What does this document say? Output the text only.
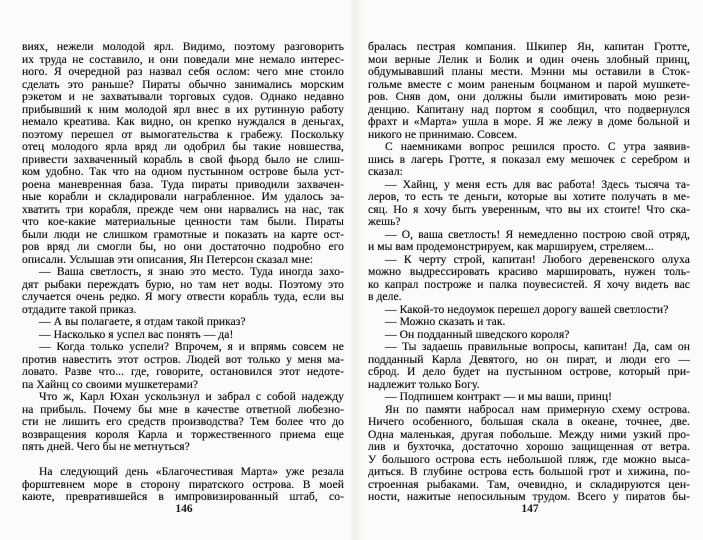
виях, нежели молодой ярл. Видимо, поэтому разговорить
их труда не составило, и они поведали мне немало интерес-
ного. Я очередной раз назвал себя ослом: чего мне стоило
сделать это раньше? Пираты обычно занимались морским
рэкетом и не захватывали торговых судов. Однако недавно
прибывший к ним молодой ярл внес в их рутинную работу
немало креатива. Как видно, он крепко нуждался в деньгах,
поэтому перешел от вымогательства к грабежу. Поскольку
отец молодого ярла вряд ли одобрил бы такие новшества,
привести захваченный корабль в свой фьорд было не слиш-
ком удобно. Так что на одном пустынном острове была уст-
роена маневренная база. Туда пираты приводили захвачен-
ные корабли и складировали награбленное. Им удалось за-
хватить три корабля, прежде чем они нарвались на нас, так
что кое-какие материальные ценности там были. Пираты
были люди не слишком грамотные и показать на карте ост-
ров вряд ли смогли бы, но они достаточно подробно его
описали. Услышав эти описания, Ян Петерсон сказал мне:
— Ваша светлость, я знаю это место. Туда иногда захо-
дят рыбаки переждать бурю, но там нет воды. Поэтому это
случается очень редко. Я могу отвести корабль туда, если вы
отдадите такой приказ.
— А вы полагаете, я отдам такой приказ?
— Насколько я успел вас понять — да!
— Когда только успели? Впрочем, я и впрямь совсем не
против навестить этот остров. Людей вот только у меня ма-
ловато. Разве что... где, говорите, остановился этот недоте-
па Хайнц со своими мушкетерами?
Что ж, Карл Юхан ускользнул и забрал с собой надежду
на прибыль. Почему бы мне в качестве ответной любезно-
сти не лишить его средств производства? Тем более что до
возвращения короля Карла и торжественного приема еще
пять дней. Чего бы не метнуться?
На следующий день «Благочестивая Марта» уже резала
форштевнем море в сторону пиратского острова. В моей
каюте, превратившейся в импровизированный штаб, со-
бралась пестрая компания. Шкипер Ян, капитан Гротте,
мои верные Лелик и Болик и один очень злобный принц,
обдумывавший планы мести. Мэнни мы оставили в Сток-
гольме вместе с моим раненым боцманом и парой мушкете-
ров. Сняв дом, они должны были имитировать мою рези-
денцию. Капитану над портом я сообщил, что подвернулся
фрахт и «Марта» ушла в море. Я же лежу в доме больной и
никого не принимаю. Совсем.
С наемниками вопрос решился просто. С утра заявив-
шись в лагерь Гротте, я показал ему мешочек с серебром и
сказал:
— Хайнц, у меня есть для вас работа! Здесь тысяча та-
леров, то есть те деньги, которые вы хотите получать в ме-
сяц. Но я хочу быть уверенным, что вы их стоите! Что ска-
жешь?
— О, ваша светлость! Я немедленно построю свой отряд,
и мы вам продемонстрируем, как маршируем, стреляем...
— К черту строй, капитан! Любого деревенского олуха
можно выдрессировать красиво маршировать, нужен толь-
ко капрал построже и палка поувесистей. Я хочу видеть вас
в деле.
— Какой-то недоумок перешел дорогу вашей светлости?
— Можно сказать и так.
— Он подданный шведского короля?
— Ты задаешь правильные вопросы, капитан! Да, сам он
подданный Карла Девятого, но он пират, и люди его —
сброд. И дело будет на пустынном острове, который при-
надлежит только Богу.
— Подпишем контракт — и мы ваши, принц!
Ян по памяти набросал нам примерную схему острова.
Ничего особенного, большая скала в океане, точнее, две.
Одна маленькая, другая побольше. Между ними узкий про-
лив и бухточка, достаточно хорошо защищенная от ветра.
У большого острова есть небольшой пляж, где можно выса-
диться. В глубине острова есть большой грот и хижина, по-
строенная рыбаками. Там, очевидно, и складируются цен-
ности, нажитые непосильным трудом. Всего у пиратов бы-
146	147
